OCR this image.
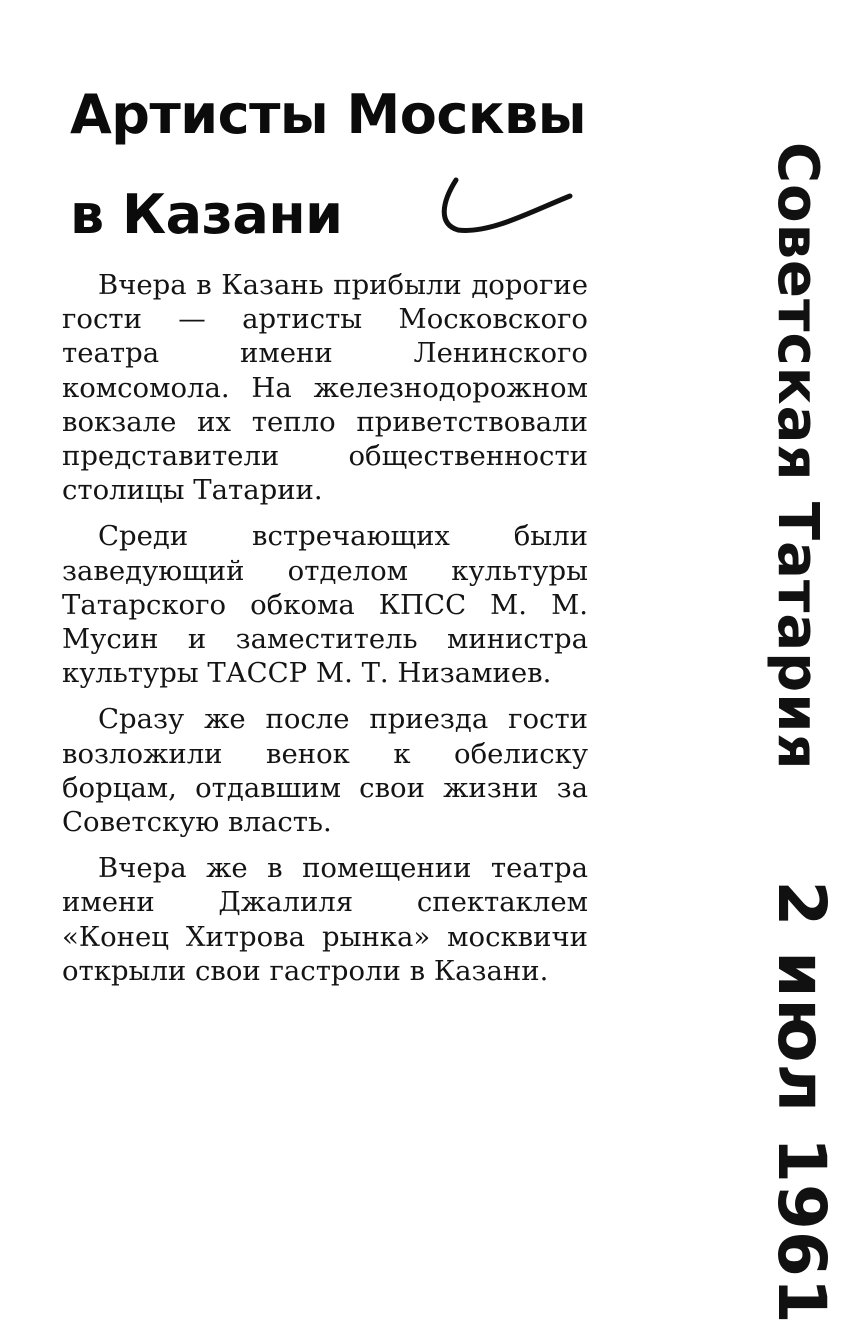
Артисты Москвы
в Казани

Вчера в Казань прибыли дорогие гости — артисты Московского театра имени Ленинского комсомола. На железнодорожном вокзале их тепло приветствовали представители общественности столицы Татарии.

Среди встречающих были заведующий отделом культуры Татарского обкома КПСС М. М. Мусин и заместитель министра культуры ТАССР М. Т. Низамиев.

Сразу же после приезда гости возложили венок к обелиску борцам, отдавшим свои жизни за Советскую власть.

Вчера же в помещении театра имени Джалиля спектаклем «Конец Хитрова рынка» москвичи открыли свои гастроли в Казани.

Советская Татария
2 июл 1961
